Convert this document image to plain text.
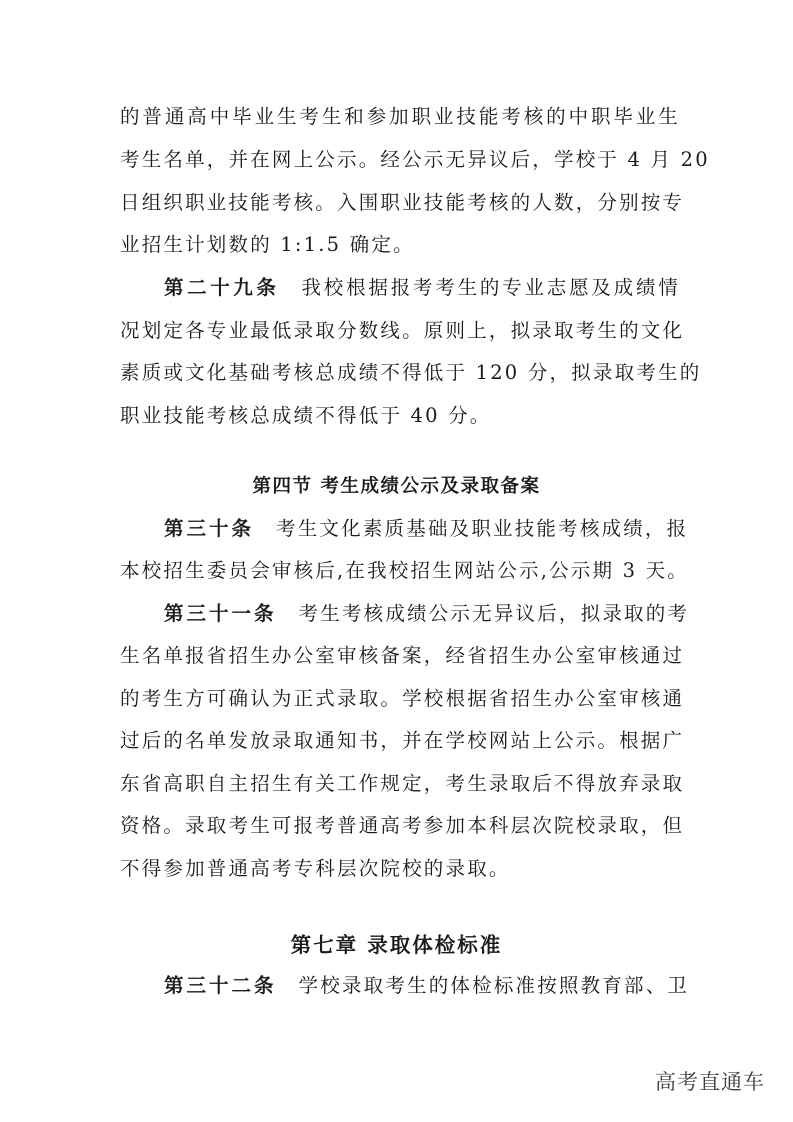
的普通高中毕业生考生和参加职业技能考核的中职毕业生
考生名单，并在网上公示。经公示无异议后，学校于 4 月 20
日组织职业技能考核。入围职业技能考核的人数，分别按专
业招生计划数的 1:1.5 确定。
第二十九条 我校根据报考考生的专业志愿及成绩情
况划定各专业最低录取分数线。原则上，拟录取考生的文化
素质或文化基础考核总成绩不得低于 120 分，拟录取考生的
职业技能考核总成绩不得低于 40 分。
第四节 考生成绩公示及录取备案
第三十条 考生文化素质基础及职业技能考核成绩，报
本校招生委员会审核后,在我校招生网站公示,公示期 3 天。
第三十一条 考生考核成绩公示无异议后，拟录取的考
生名单报省招生办公室审核备案，经省招生办公室审核通过
的考生方可确认为正式录取。学校根据省招生办公室审核通
过后的名单发放录取通知书，并在学校网站上公示。根据广
东省高职自主招生有关工作规定，考生录取后不得放弃录取
资格。录取考生可报考普通高考参加本科层次院校录取，但
不得参加普通高考专科层次院校的录取。
第七章 录取体检标准
第三十二条 学校录取考生的体检标准按照教育部、卫
高考直通车
